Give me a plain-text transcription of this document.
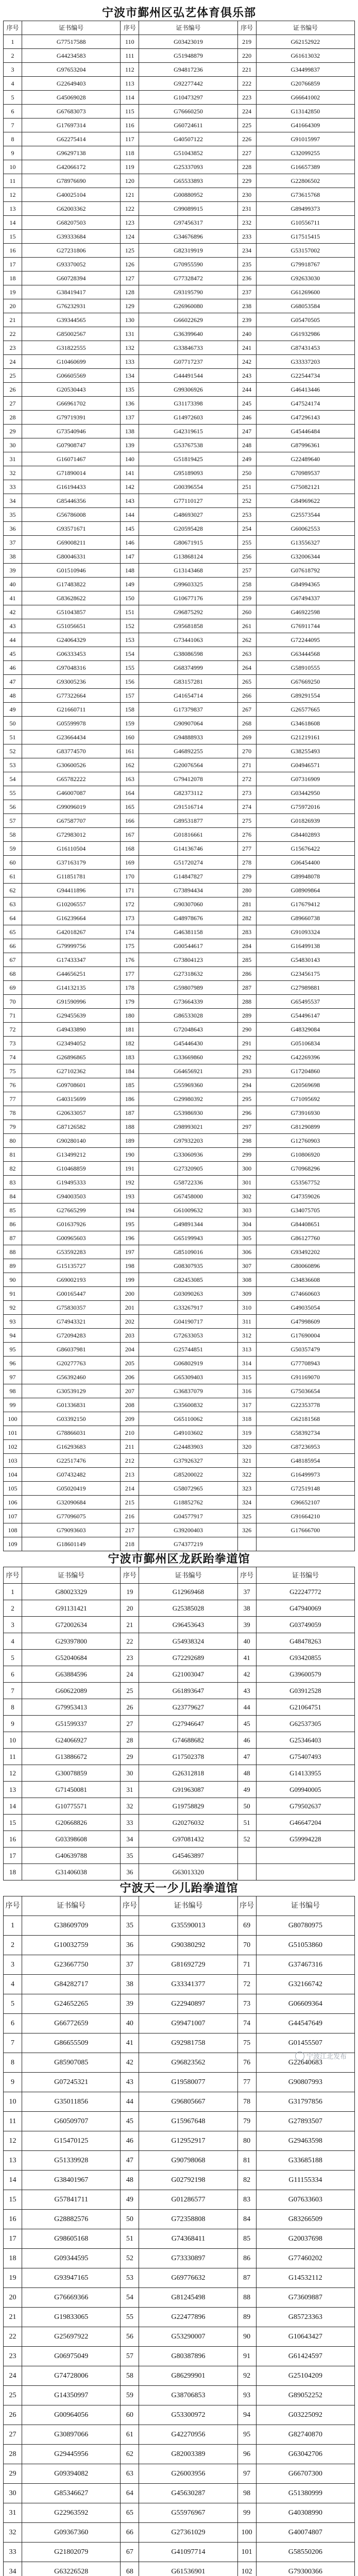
宁波市鄞州区弘艺体育俱乐部
序号	证书编号	序号	证书编号	序号	证书编号
1	G77517588	110	G03423019	219	G62152922
2	G44234583	111	G51948879	220	G61613032
3	G97653204	112	G94817236	221	G34499837
4	G22649403	113	G92277442	222	G20766859
5	G45069028	114	G10473297	223	G66641002
6	G67683073	115	G76660250	224	G13142850
7	G17697314	116	G60724611	225	G41664309
8	G62275414	117	G40507122	226	G91015997
9	G96297138	118	G51043852	227	G32099255
10	G42066172	119	G25337093	228	G16657389
11	G78976690	120	G65533893	229	G22806502
12	G40025104	121	G00880952	230	G73615768
13	G62003362	122	G99089915	231	G89499373
14	G68207503	123	G97456317	232	G10556711
15	G39333684	124	G34676896	233	G17515415
16	G27231806	125	G82319919	234	G53157002
17	G93370052	126	G70955590	235	G79918767
18	G60728394	127	G77328472	236	G92633030
19	G38419417	128	G93195790	237	G61269600
20	G76232931	129	G26960080	238	G68053584
21	G39344565	130	G66022629	239	G05470505
22	G85002567	131	G36399640	240	G61932986
23	G31822555	132	G33846733	241	G87431453
24	G10460699	133	G07717237	242	G33337203
25	G06605569	134	G44491544	243	G22544734
26	G20530443	135	G99306926	244	G46413446
27	G66961702	136	G31173398	245	G47524174
28	G79719391	137	G14972603	246	G47296143
29	G73540946	138	G42319615	247	G45446484
30	G07908747	139	G53767538	248	G87996361
31	G16071467	140	G51819425	249	G22489640
32	G71890014	141	G95189093	250	G70989537
33	G16194433	142	G00396554	251	G75082121
34	G85446356	143	G77110127	252	G84969622
35	G56786008	144	G48693027	253	G25573544
36	G93571671	145	G20595428	254	G60062553
37	G69008211	146	G80671915	255	G13556327
38	G80046331	147	G13868124	256	G32006344
39	G01510946	148	G13143468	257	G07618792
40	G17483822	149	G99603325	258	G84994365
41	G83628622	150	G10677176	259	G67494337
42	G51043857	151	G96875292	260	G46922598
43	G51056651	152	G95681858	261	G76911744
44	G24064329	153	G73441063	262	G72244095
45	G06333453	154	G38086598	263	G63444568
46	G97048316	155	G68374999	264	G58910555
47	G93005236	156	G83157281	265	G67669250
48	G77322664	157	G41654714	266	G89291554
49	G21660711	158	G17379837	267	G26577665
50	G05599978	159	G90907064	268	G34618608
51	G23664434	160	G94888933	269	G21219161
52	G83774570	161	G46892255	270	G38255493
53	G30600526	162	G20076564	271	G04946571
54	G65782222	163	G79412078	272	G07316909
55	G46007087	164	G82373112	273	G03442950
56	G99096019	165	G91516714	274	G75972016
57	G67587707	166	G89531877	275	G01826939
58	G72983012	167	G01816661	276	G84402893
59	G16110504	168	G14136746	277	G15676422
60	G37163179	169	G51720274	278	G06454400
61	G11851781	170	G14847827	279	G89948078
62	G94411896	171	G73894434	280	G08909864
63	G10206557	172	G90307060	281	G17679412
64	G16239664	173	G48978676	282	G89660738
65	G42018267	174	G46381158	283	G91093324
66	G79999756	175	G00544617	284	G16499138
67	G17433347	176	G73804123	285	G54830143
68	G44656251	177	G27318632	286	G23456175
69	G14132135	178	G59807989	287	G27989881
70	G91590996	179	G73664339	288	G65495537
71	G29455639	180	G86533028	289	G54496147
72	G49433890	181	G72048643	290	G48329084
73	G23494052	182	G45446430	291	G05106834
74	G26896865	183	G33669860	292	G42269396
75	G27102362	184	G64656921	293	G17204860
76	G09708601	185	G55969360	294	G20569698
77	G40315699	186	G29980392	295	G71095692
78	G20633057	187	G53986930	296	G73916930
79	G87126582	188	G98993021	297	G81290899
80	G90280140	189	G97932203	298	G12760903
81	G13499212	190	G33060936	299	G10806920
82	G10468859	191	G27320905	300	G70968296
83	G19495333	192	G58722336	301	G53567752
84	G94003503	193	G67458000	302	G47359026
85	G27665299	194	G61009632	303	G34075705
86	G01637926	195	G49891344	304	G84408651
87	G00965603	196	G65199943	305	G86127760
88	G53592283	197	G85109016	306	G93492202
89	G15135727	198	G08307935	307	G80060896
90	G69002193	199	G82453085	308	G34836608
91	G00165447	200	G03090263	309	G74660603
92	G75830357	201	G33267917	310	G49035054
93	G74943321	202	G04190717	311	G47998609
94	G72094283	203	G72633053	312	G17690004
95	G86037981	204	G25744851	313	G50357479
96	G20277763	205	G06802919	314	G77708943
97	G56392460	206	G65309403	315	G91169070
98	G30539129	207	G36837079	316	G75036654
99	G01336831	208	G35600832	317	G22353778
100	G03392150	209	G65110062	318	G62181568
101	G78866031	210	G49103602	319	G58392734
102	G16293683	211	G24483903	320	G87236953
103	G22517476	212	G37926327	321	G48185954
104	G07432482	213	G85200022	322	G16499973
105	G05020419	214	G58072965	323	G72519148
106	G32090684	215	G18852762	324	G96652107
107	G77096075	216	G04577917	325	G91664210
108	G79093603	217	G39200403	326	G17666700
109	G18601149	218	G74377219		
宁波市鄞州区龙跃跆拳道馆
序号	证书编号	序号	证书编号	序号	证书编号
1	G80023329	19	G12969468	37	G22247772
2	G91131421	20	G25385028	38	G47940069
3	G72002634	21	G96453643	39	G03749059
4	G29397800	22	G54938324	40	G48478263
5	G52040684	23	G72292689	41	G93420855
6	G63884596	24	G21003047	42	G39600579
7	G60622089	25	G61893647	43	G03912528
8	G79953413	26	G23779627	44	G21064751
9	G51599337	27	G27946647	45	G62537305
10	G24066927	28	G74688682	46	G25346403
11	G13886672	29	G17502378	47	G75407493
12	G30078859	30	G26312818	48	G14133955
13	G71450081	31	G91963087	49	G09940005
14	G10775571	32	G19758829	50	G79502637
15	G20668826	33	G20276032	51	G46647204
16	G03398608	34	G97081432	52	G59994228
17	G40639788	35	G45463897		
18	G31406038	36	G63013320		
宁波天一少儿跆拳道馆
序号	证书编号	序号	证书编号	序号	证书编号
1	G38609709	35	G35590013	69	G80780975
2	G10032759	36	G90380292	70	G51053860
3	G23667750	37	G81692729	71	G37467316
4	G84282717	38	G33341377	72	G32166742
5	G24652265	39	G22940897	73	G06609364
6	G66772659	40	G99471007	74	G44547649
7	G86655509	41	G92981758	75	G01455507
8	G85907085	42	G96823562	76	G22640683
9	G07245321	43	G19580077	77	G90807993
10	G35011856	44	G96805667	78	G31797856
11	G60509707	45	G15967648	79	G27893507
12	G15470125	46	G12952917	80	G29463598
13	G51339928	47	G90798068	81	G33685188
14	G38401967	48	G02792198	82	G11155334
15	G57841711	49	G01286577	83	G07633603
16	G28882576	50	G72358808	84	G83266509
17	G98605168	51	G74368411	85	G20037698
18	G09344595	52	G73330897	86	G77460202
19	G93947165	53	G69776632	87	G14532112
20	G76669366	54	G81245498	88	G73609887
21	G19833065	55	G22477896	89	G85723363
22	G25697922	56	G53290007	90	G10643427
23	G06975049	57	G80387896	91	G61424597
24	G74728006	58	G86299901	92	G25104209
25	G14350997	59	G38706853	93	G89052252
26	G00964056	60	G53300972	94	G03225092
27	G30897066	61	G42270956	95	G82740870
28	G29445956	62	G82003389	96	G63042706
29	G09394082	63	G26003956	97	G66707300
30	G85346627	64	G45630287	98	G51380999
31	G22963592	65	G55976967	99	G40308990
32	G09367360	66	G27361029	100	G40074807
33	G21802079	67	G41097714	101	G58550206
34	G63226528	68	G61536901	102	G79300366
宁波江北发布
